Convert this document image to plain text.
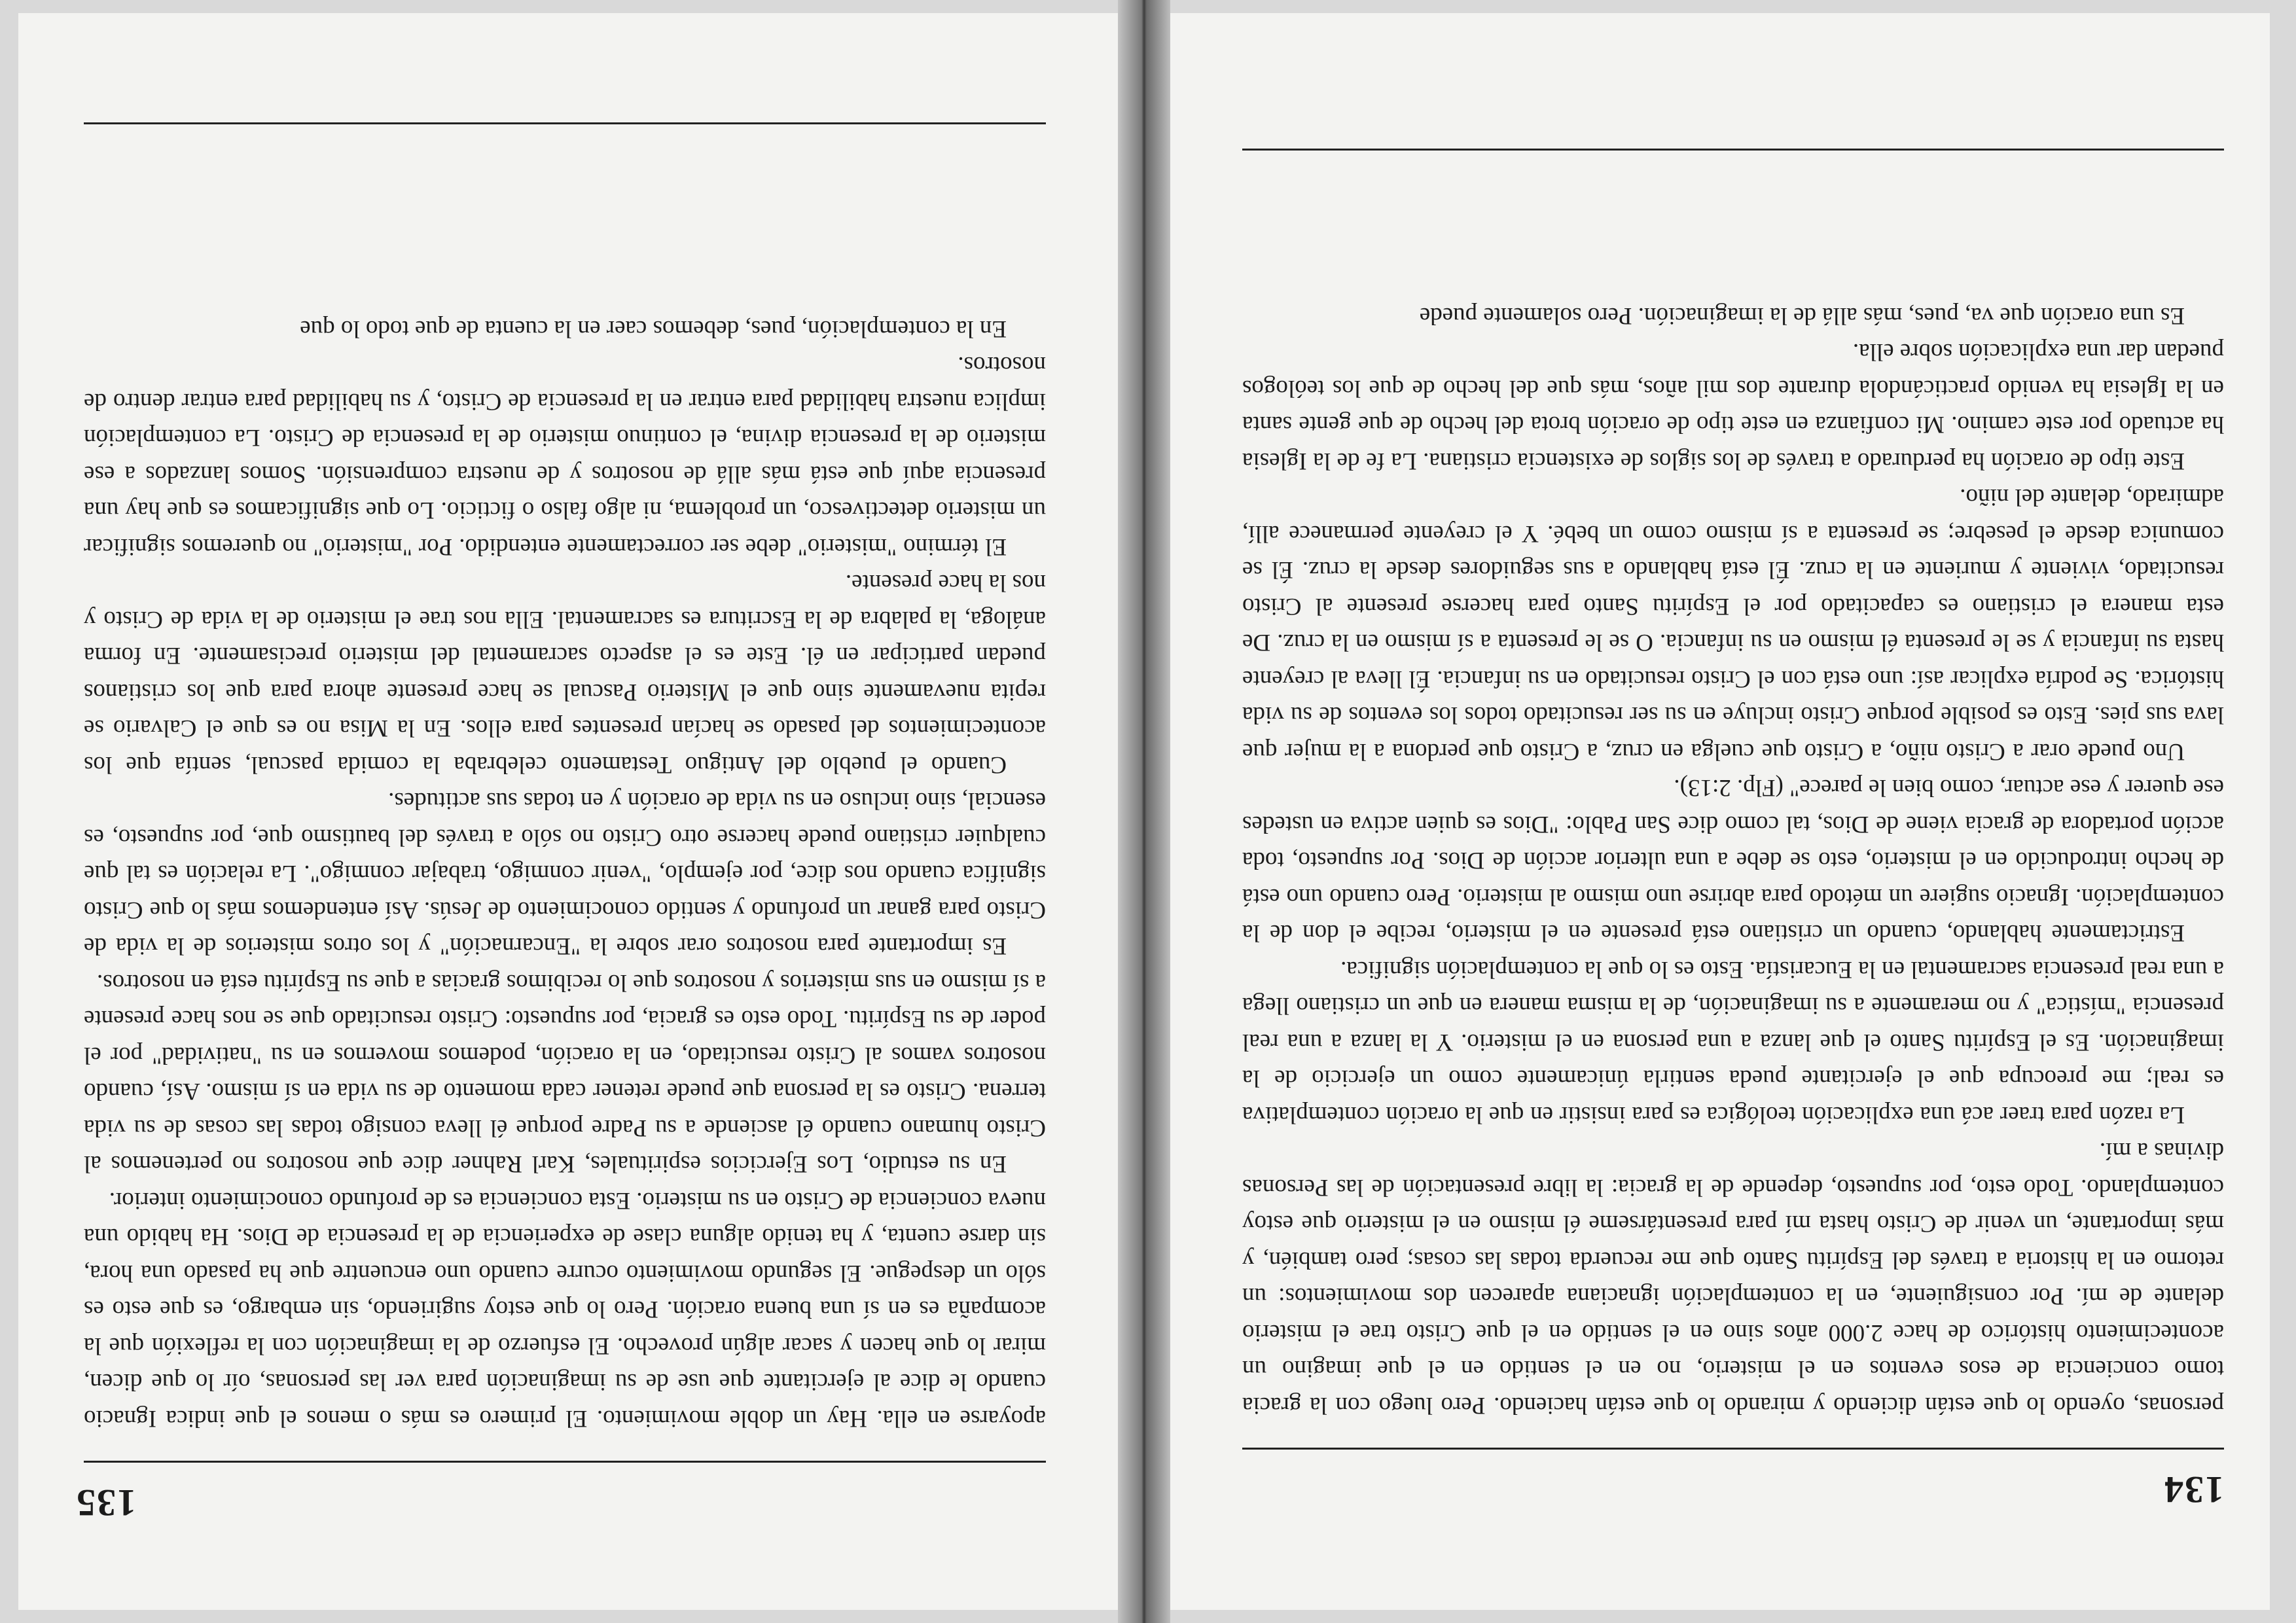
134

personas, oyendo lo que están diciendo y mirando lo que están haciendo. Pero luego con la gracia tomo conciencia de esos eventos en el misterio, no en el sentido en el que imagino un acontecimiento histórico de hace 2.000 años sino en el sentido en el que Cristo trae el misterio delante de mí. Por consiguiente, en la contemplación ignaciana aparecen dos movimientos: un retorno en la historia a través del Espíritu Santo que me recuerda todas las cosas; pero también, y más importante, un venir de Cristo hasta mí para presentárseme él mismo en el misterio que estoy contemplando. Todo esto, por supuesto, depende de la gracia: la libre presentación de las Personas divinas a mí.

La razón para traer acá una explicación teológica es para insistir en que la oración contemplativa es real; me preocupa que el ejercitante pueda sentirla únicamente como un ejercicio de la imaginación. Es el Espíritu Santo el que lanza a una persona en el misterio. Y la lanza a una real presencia "mística" y no meramente a su imaginación, de la misma manera en que un cristiano llega a una real presencia sacramental en la Eucaristía. Esto es lo que la contemplación significa.

Estrictamente hablando, cuando un cristiano está presente en el misterio, recibe el don de la contemplación. Ignacio sugiere un método para abrirse uno mismo al misterio. Pero cuando uno está de hecho introducido en el misterio, esto se debe a una ulterior acción de Dios. Por supuesto, toda acción portadora de gracia viene de Dios, tal como dice San Pablo: "Dios es quien activa en ustedes ese querer y ese actuar, como bien le parece" (Flp. 2:13).

Uno puede orar a Cristo niño, a Cristo que cuelga en cruz, a Cristo que perdona a la mujer que lava sus pies. Esto es posible porque Cristo incluye en su ser resucitado todos los eventos de su vida histórica. Se podría explicar así: uno está con el Cristo resucitado en su infancia. Él lleva al creyente hasta su infancia y se le presenta él mismo en su infancia. O se le presenta a sí mismo en la cruz. De esta manera el cristiano es capacitado por el Espíritu Santo para hacerse presente al Cristo resucitado, viviente y muriente en la cruz. Él está hablando a sus seguidores desde la cruz. Él se comunica desde el pesebre; se presenta a sí mismo como un bebé. Y el creyente permanece allí, admirado, delante del niño.

Este tipo de oración ha perdurado a través de los siglos de existencia cristiana. La fe de la Iglesia ha actuado por este camino. Mi confianza en este tipo de oración brota del hecho de que gente santa en la Iglesia ha venido practicándola durante dos mil años, más que del hecho de que los teólogos puedan dar una explicación sobre ella.

Es una oración que va, pues, más allá de la imaginación. Pero solamente puede

135

apoyarse en ella. Hay un doble movimiento. El primero es más o menos el que indica Ignacio cuando le dice al ejercitante que use de su imaginación para ver las personas, oír lo que dicen, mirar lo que hacen y sacar algún provecho. El esfuerzo de la imaginación con la reflexión que la acompaña es en sí una buena oración. Pero lo que estoy sugiriendo, sin embargo, es que esto es sólo un despegue. El segundo movimiento ocurre cuando uno encuentre que ha pasado una hora, sin darse cuenta, y ha tenido alguna clase de experiencia de la presencia de Dios. Ha habido una nueva conciencia de Cristo en su misterio. Esta conciencia es de profundo conocimiento interior.

En su estudio, Los Ejercicios espirituales, Karl Rahner dice que nosotros no pertenemos al Cristo humano cuando él asciende a su Padre porque él lleva consigo todas las cosas de su vida terrena. Cristo es la persona que puede retener cada momento de su vida en sí mismo. Así, cuando nosotros vamos al Cristo resucitado, en la oración, podemos movernos en su "natividad" por el poder de su Espíritu. Todo esto es gracia, por supuesto: Cristo resucitado que se nos hace presente a sí mismo en sus misterios y nosotros que lo recibimos gracias a que su Espíritu está en nosotros.

Es importante para nosotros orar sobre la "Encarnación" y los otros misterios de la vida de Cristo para ganar un profundo y sentido conocimiento de Jesús. Así entendemos más lo que Cristo significa cuando nos dice, por ejemplo, "venir conmigo, trabajar conmigo". La relación es tal que cualquier cristiano puede hacerse otro Cristo no sólo a través del bautismo que, por supuesto, es esencial, sino incluso en su vida de oración y en todas sus actitudes.

Cuando el pueblo del Antiguo Testamento celebraba la comida pascual, sentía que los acontecimientos del pasado se hacían presentes para ellos. En la Misa no es que el Calvario se repita nuevamente sino que el Misterio Pascual se hace presente ahora para que los cristianos puedan participar en él. Este es el aspecto sacramental del misterio precisamente. En forma análoga, la palabra de la Escritura es sacramental. Ella nos trae el misterio de la vida de Cristo y nos la hace presente.

El término "misterio" debe ser correctamente entendido. Por "misterio" no queremos significar un misterio detectivesco, un problema, ni algo falso o ficticio. Lo que significamos es que hay una presencia aquí que está más allá de nosotros y de nuestra comprensión. Somos lanzados a ese misterio de la presencia divina, el continuo misterio de la presencia de Cristo. La contemplación implica nuestra habilidad para entrar en la presencia de Cristo, y su habilidad para entrar dentro de nosotros.

En la contemplación, pues, debemos caer en la cuenta de que todo lo que
